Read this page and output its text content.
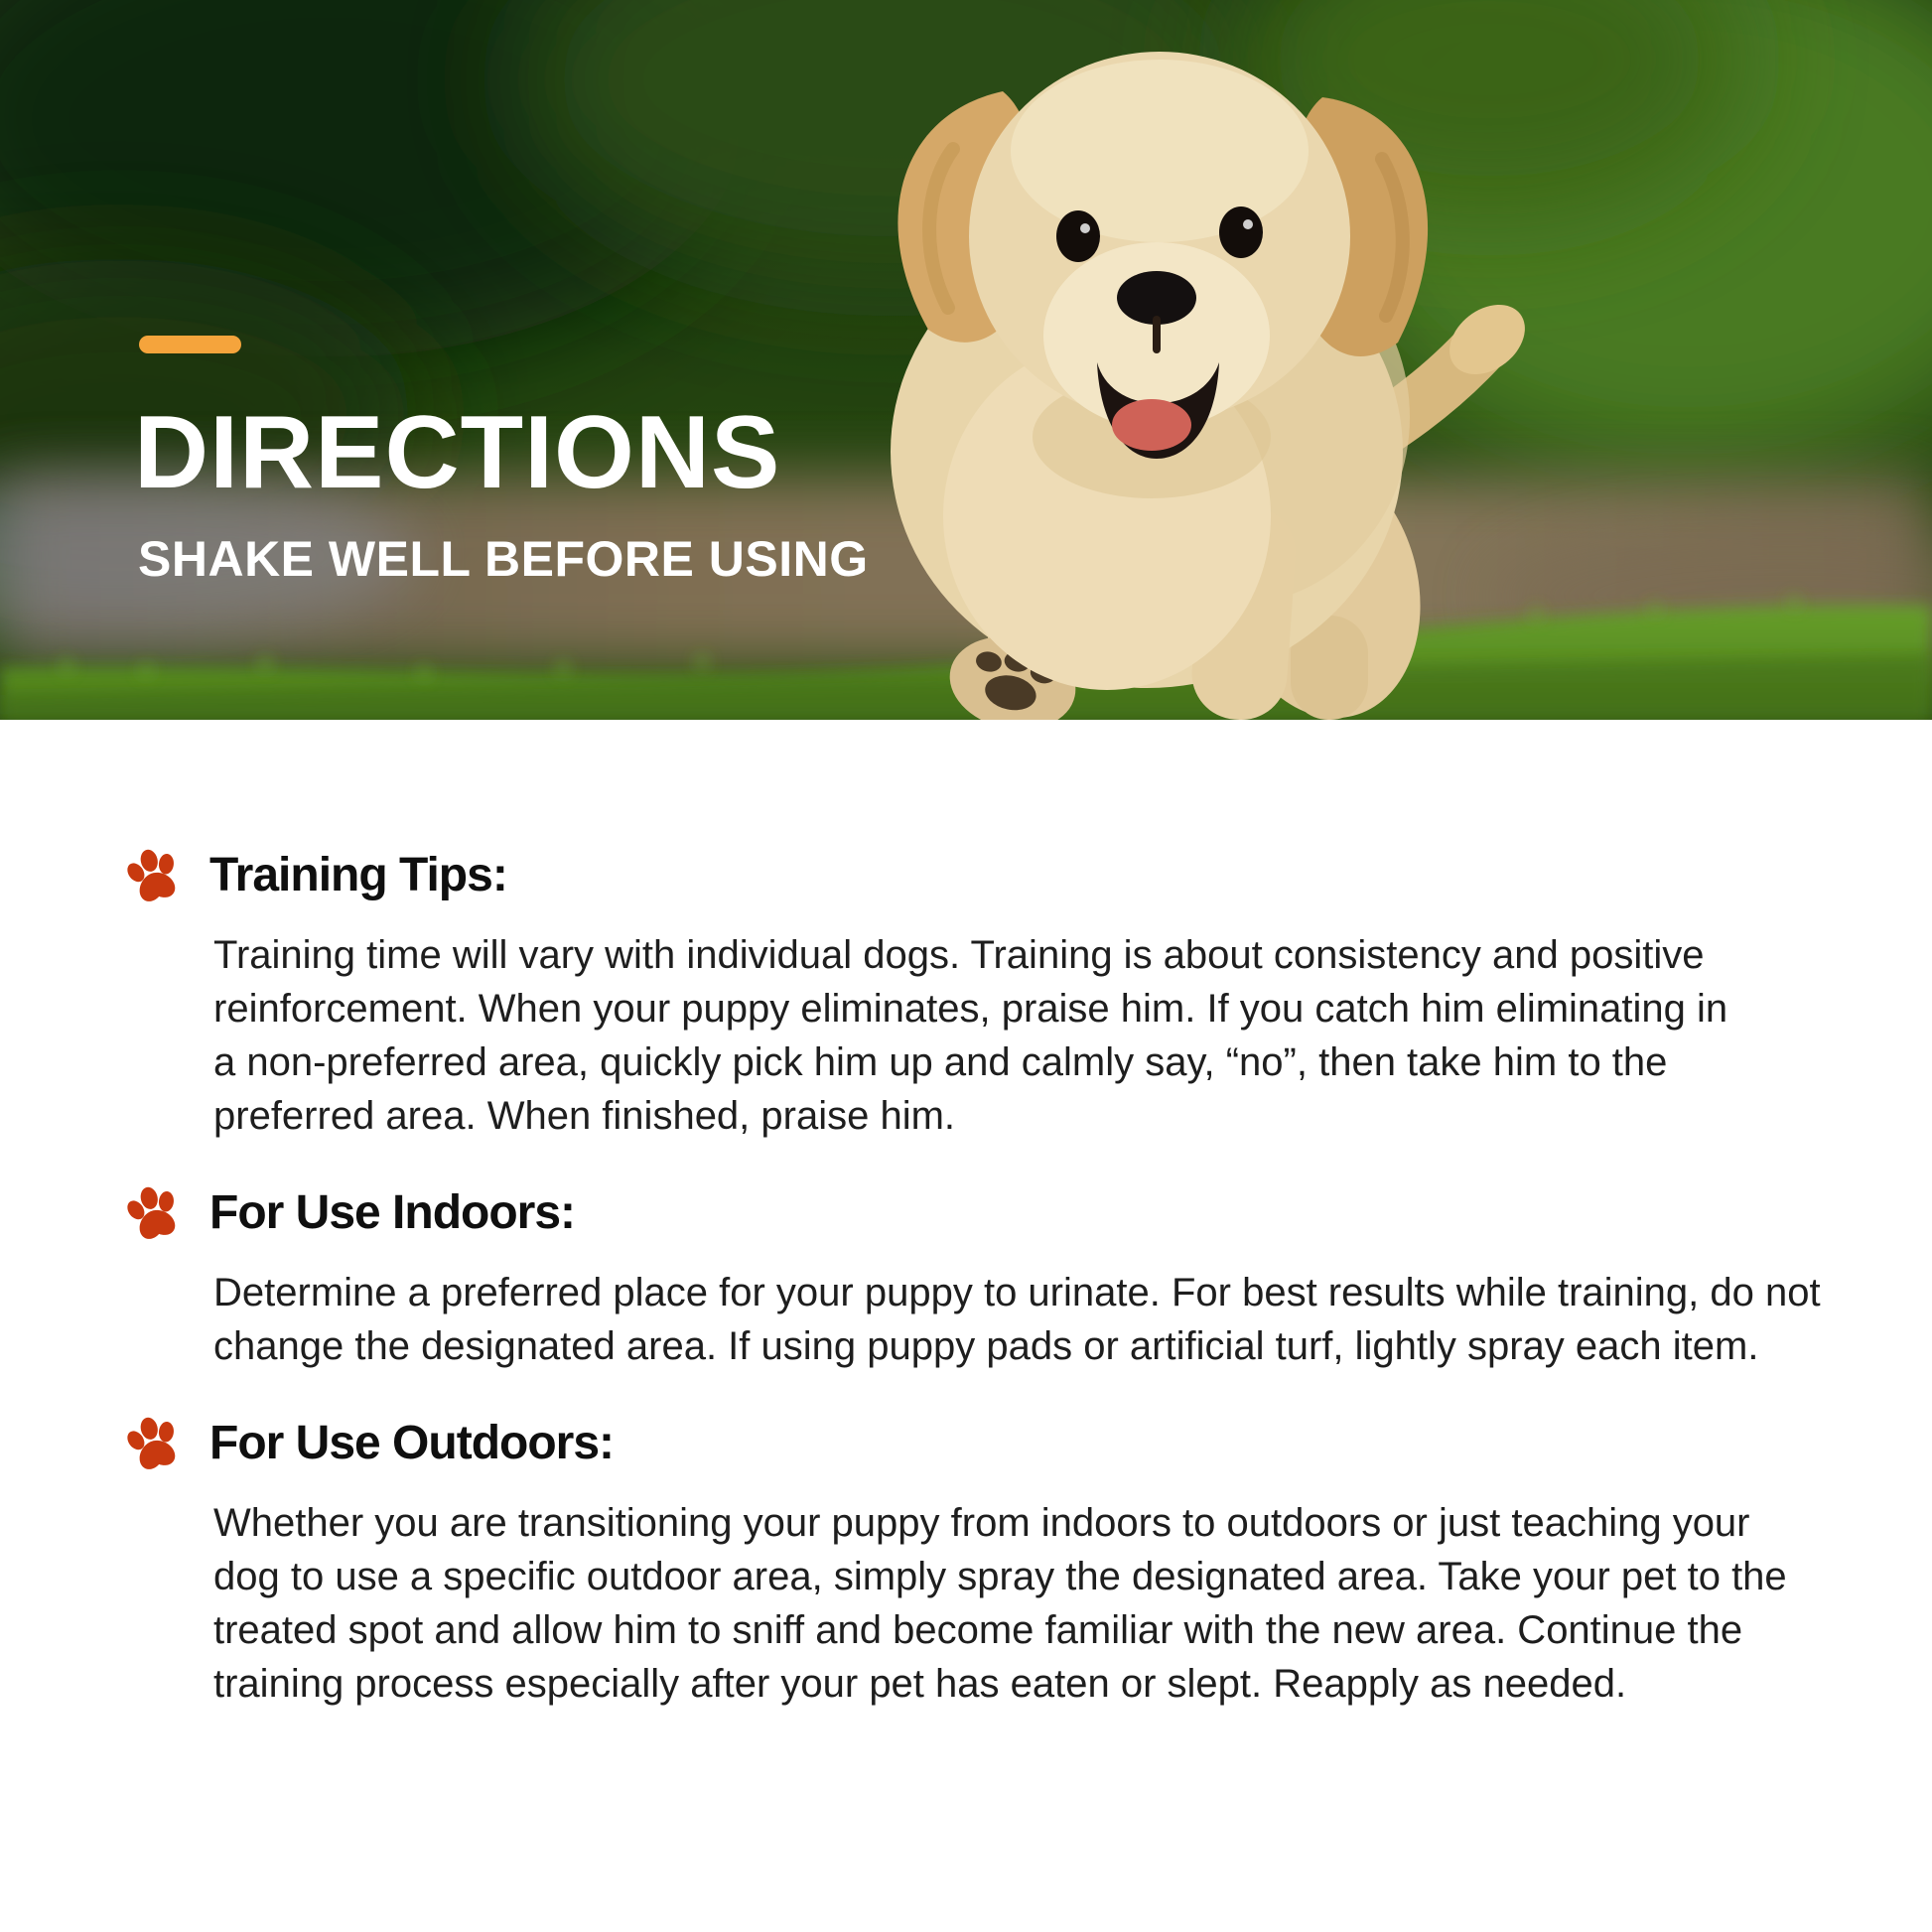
DIRECTIONS
SHAKE WELL BEFORE USING
Training Tips:
Training time will vary with individual dogs. Training is about consistency and positive
reinforcement. When your puppy eliminates, praise him. If you catch him eliminating in
a non-preferred area, quickly pick him up and calmly say, “no”, then take him to the
preferred area. When finished, praise him.
For Use Indoors:
Determine a preferred place for your puppy to urinate. For best results while training, do not
change the designated area. If using puppy pads or artificial turf, lightly spray each item.
For Use Outdoors:
Whether you are transitioning your puppy from indoors to outdoors or just teaching your
dog to use a specific outdoor area, simply spray the designated area. Take your pet to the
treated spot and allow him to sniff and become familiar with the new area. Continue the
training process especially after your pet has eaten or slept. Reapply as needed.
